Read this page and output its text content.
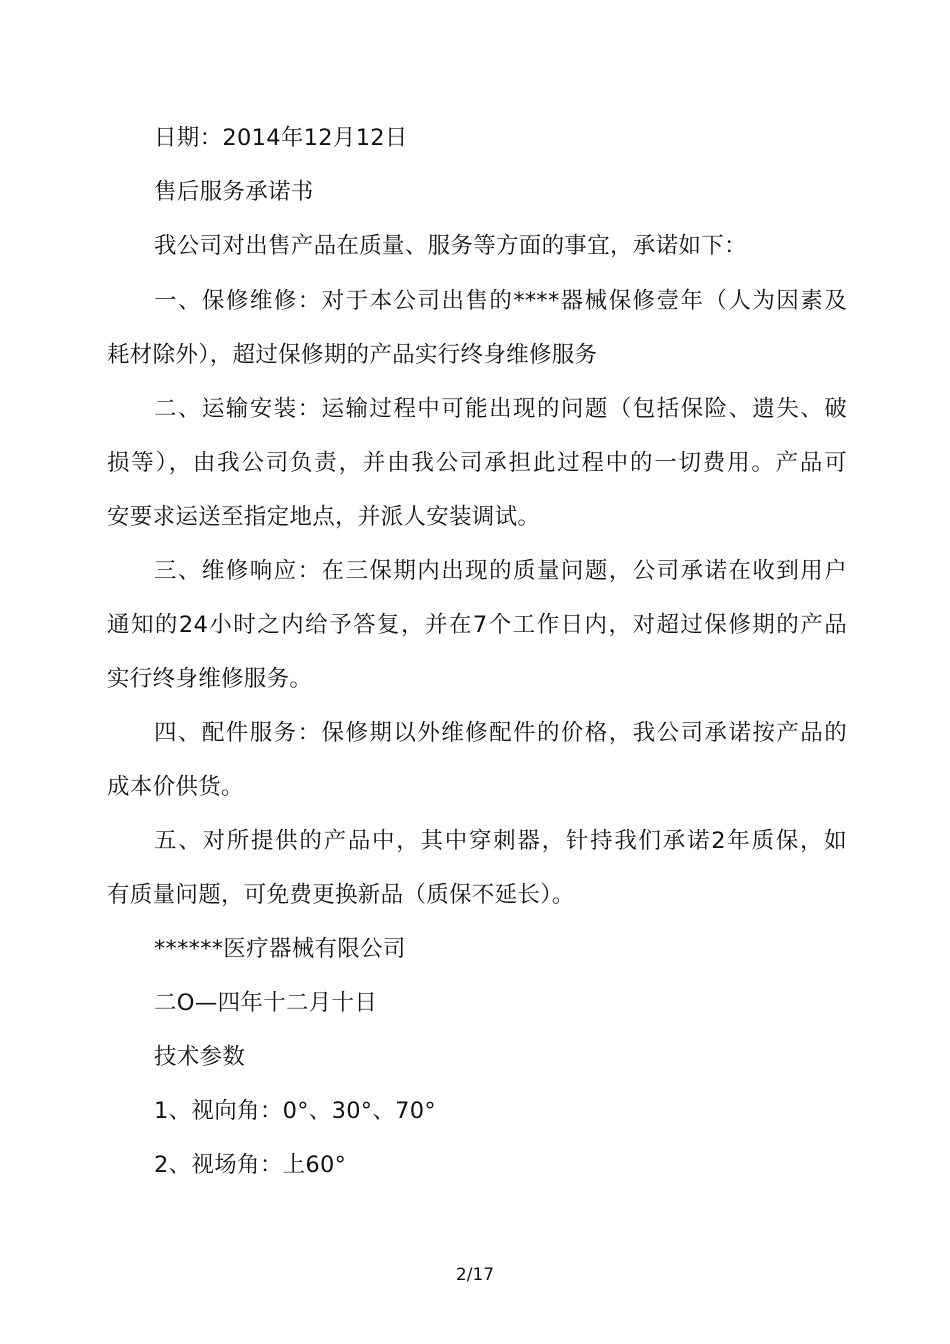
日期：2014年12月12日
售后服务承诺书
我公司对出售产品在质量、服务等方面的事宜，承诺如下：
一、保修维修：对于本公司出售的****器械保修壹年（人为因素及
耗材除外），超过保修期的产品实行终身维修服务
二、运输安装：运输过程中可能出现的问题（包括保险、遗失、破
损等），由我公司负责，并由我公司承担此过程中的一切费用。产品可
安要求运送至指定地点，并派人安装调试。
三、维修响应：在三保期内出现的质量问题，公司承诺在收到用户
通知的24小时之内给予答复，并在7个工作日内，对超过保修期的产品
实行终身维修服务。
四、配件服务：保修期以外维修配件的价格，我公司承诺按产品的
成本价供货。
五、对所提供的产品中，其中穿刺器，针持我们承诺2年质保，如
有质量问题，可免费更换新品（质保不延长）。
******医疗器械有限公司
二O—四年十二月十日
技术参数
1、视向角：0°、30°、70°
2、视场角：上60°
2/17
